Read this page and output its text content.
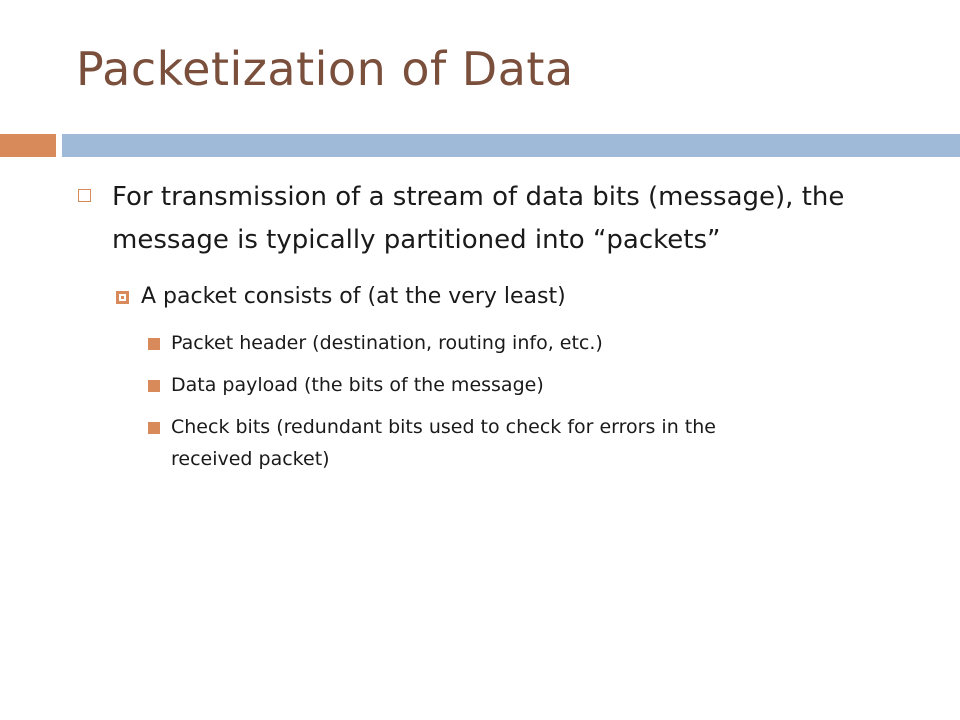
Packetization of Data
For transmission of a stream of data bits (message), the message is typically partitioned into “packets”
A packet consists of (at the very least)
Packet header (destination, routing info, etc.)
Data payload (the bits of the message)
Check bits (redundant bits used to check for errors in the received packet)
